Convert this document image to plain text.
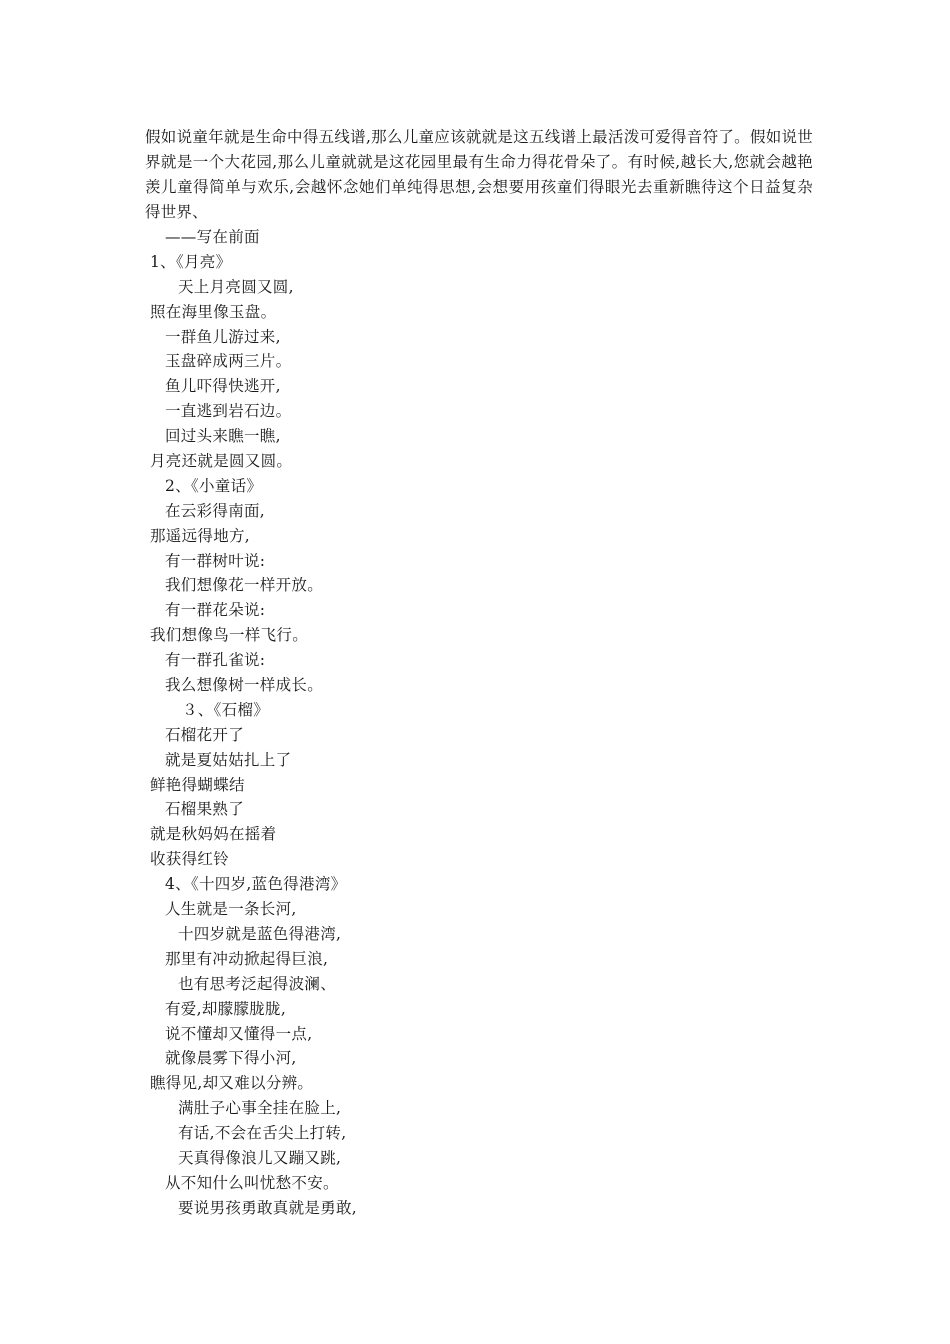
假如说童年就是生命中得五线谱,那么儿童应该就就是这五线谱上最活泼可爱得音符了。假如说世界就是一个大花园,那么儿童就就是这花园里最有生命力得花骨朵了。有时候,越长大,您就会越艳羡儿童得简单与欢乐,会越怀念她们单纯得思想,会想要用孩童们得眼光去重新瞧待这个日益复杂得世界、

——写在前面
1、《月亮》
天上月亮圆又圆,
照在海里像玉盘。
一群鱼儿游过来,
玉盘碎成两三片。
鱼儿吓得快逃开,
一直逃到岩石边。
回过头来瞧一瞧,
月亮还就是圆又圆。
2、《小童话》
在云彩得南面,
那遥远得地方,
有一群树叶说:
我们想像花一样开放。
有一群花朵说:
我们想像鸟一样飞行。
有一群孔雀说:
我么想像树一样成长。
３、《石榴》
石榴花开了
就是夏姑姑扎上了
鲜艳得蝴蝶结
石榴果熟了
就是秋妈妈在摇着
收获得红铃
4、《十四岁,蓝色得港湾》
人生就是一条长河,
十四岁就是蓝色得港湾,
那里有冲动掀起得巨浪,
也有思考泛起得波澜、
有爱,却朦朦胧胧,
说不懂却又懂得一点,
就像晨雾下得小河,
瞧得见,却又难以分辨。
满肚子心事全挂在脸上,
有话,不会在舌尖上打转,
天真得像浪儿又蹦又跳,
从不知什么叫忧愁不安。
要说男孩勇敢真就是勇敢,
